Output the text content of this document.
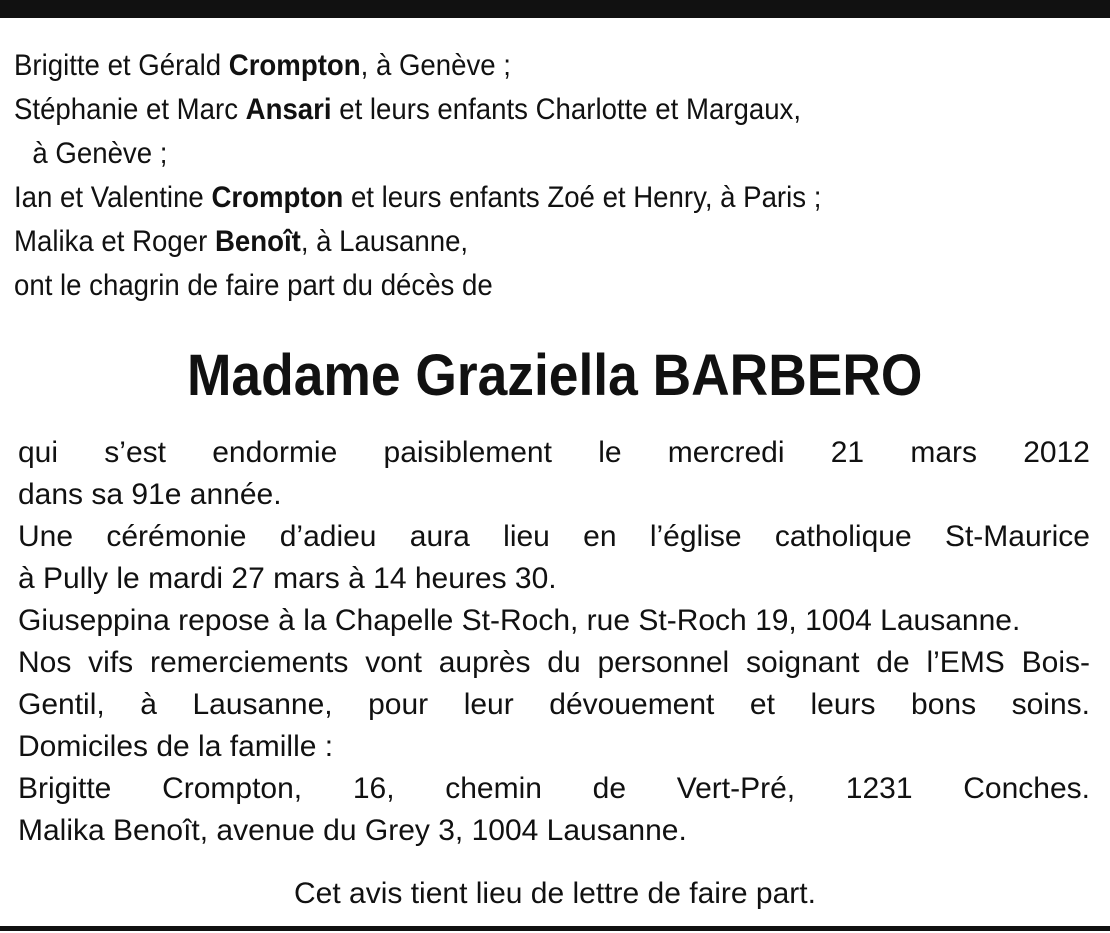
Brigitte et Gérald Crompton, à Genève ;
Stéphanie et Marc Ansari et leurs enfants Charlotte et Margaux,
à Genève ;
Ian et Valentine Crompton et leurs enfants Zoé et Henry, à Paris ;
Malika et Roger Benoît, à Lausanne,
ont le chagrin de faire part du décès de
Madame Graziella BARBERO

qui s’est endormie paisiblement le mercredi 21 mars 2012

dans sa 91e année.

Une cérémonie d’adieu aura lieu en l’église catholique St-Maurice

à Pully le mardi 27 mars à 14 heures 30.

Giuseppina repose à la Chapelle St-Roch, rue St-Roch 19, 1004 Lausanne.

Nos vifs remerciements vont auprès du personnel soignant de l’EMS Bois-

Gentil, à Lausanne, pour leur dévouement et leurs bons soins.

Domiciles de la famille :

Brigitte Crompton, 16, chemin de Vert-Pré, 1231 Conches.

Malika Benoît, avenue du Grey 3, 1004 Lausanne.

Cet avis tient lieu de lettre de faire part.
